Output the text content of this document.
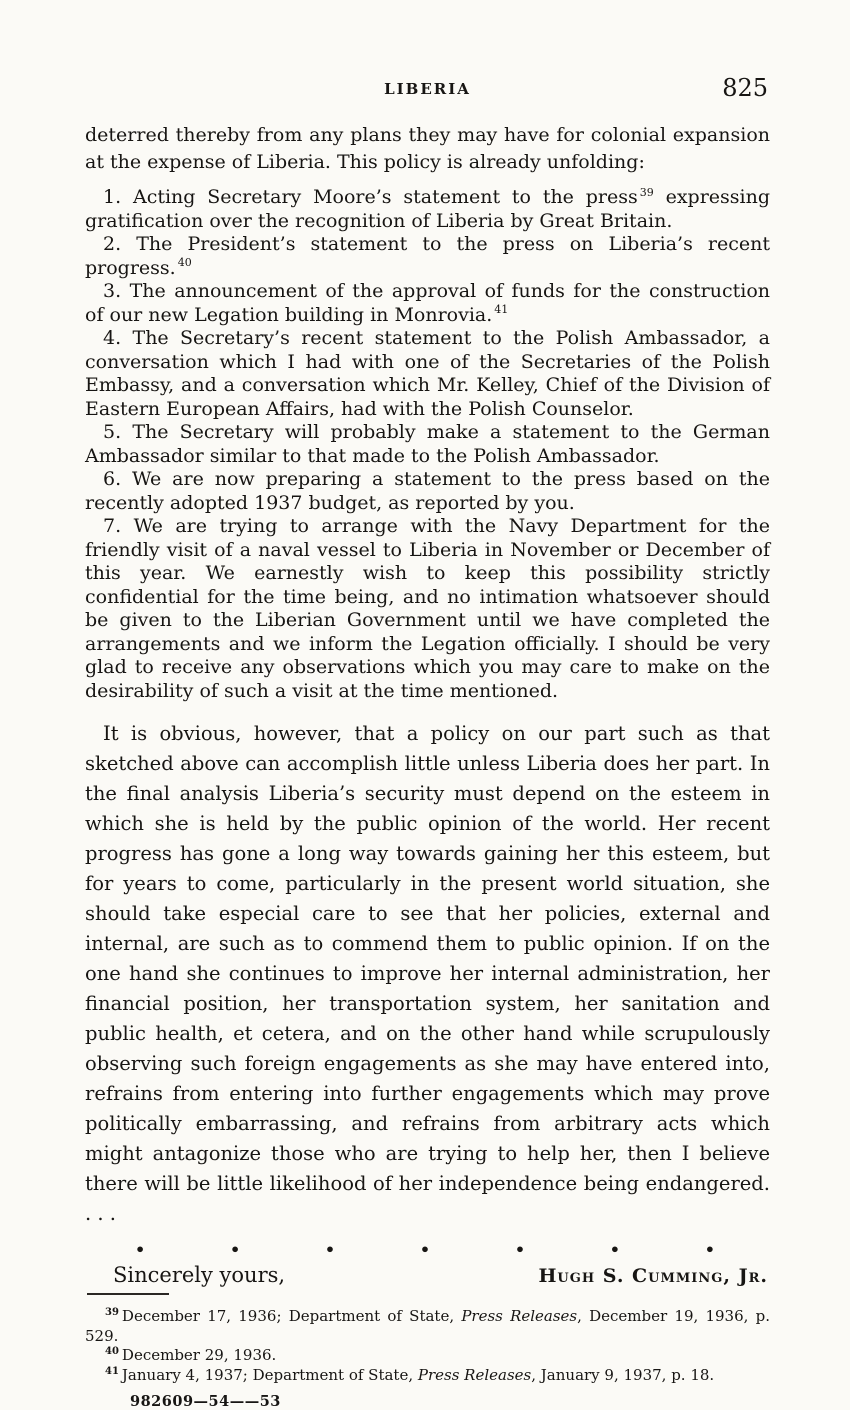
LIBERIA	825

deterred thereby from any plans they may have for colonial expansion at the expense of Liberia. This policy is already unfolding:

1. Acting Secretary Moore’s statement to the press $^{39}$ expressing gratification over the recognition of Liberia by Great Britain.

2. The President’s statement to the press on Liberia’s recent progress. $^{40}$

3. The announcement of the approval of funds for the construction of our new Legation building in Monrovia. $^{41}$

4. The Secretary’s recent statement to the Polish Ambassador, a conversation which I had with one of the Secretaries of the Polish Embassy, and a conversation which Mr. Kelley, Chief of the Division of Eastern European Affairs, had with the Polish Counselor.

5. The Secretary will probably make a statement to the German Ambassador similar to that made to the Polish Ambassador.

6. We are now preparing a statement to the press based on the recently adopted 1937 budget, as reported by you.

7. We are trying to arrange with the Navy Department for the friendly visit of a naval vessel to Liberia in November or December of this year. We earnestly wish to keep this possibility strictly confidential for the time being, and no intimation whatsoever should be given to the Liberian Government until we have completed the arrangements and we inform the Legation officially. I should be very glad to receive any observations which you may care to make on the desirability of such a visit at the time mentioned.

It is obvious, however, that a policy on our part such as that sketched above can accomplish little unless Liberia does her part. In the final analysis Liberia’s security must depend on the esteem in which she is held by the public opinion of the world. Her recent progress has gone a long way towards gaining her this esteem, but for years to come, particularly in the present world situation, she should take especial care to see that her policies, external and internal, are such as to commend them to public opinion. If on the one hand she continues to improve her internal administration, her financial position, her transportation system, her sanitation and public health, et cetera, and on the other hand while scrupulously observing such foreign engagements as she may have entered into, refrains from entering into further engagements which may prove politically embarrassing, and refrains from arbitrary acts which might antagonize those who are trying to help her, then I believe there will be little likelihood of her independence being endangered. . . .

•	•	•	•	•	•	•
Sincerely yours,	Hugh S. Cumming, Jr.

$^{39}$ December 17, 1936; Department of State, Press Releases, December 19, 1936, p. 529.

$^{40}$ December 29, 1936.

$^{41}$ January 4, 1937; Department of State, Press Releases, January 9, 1937, p. 18.

982609—54——53
